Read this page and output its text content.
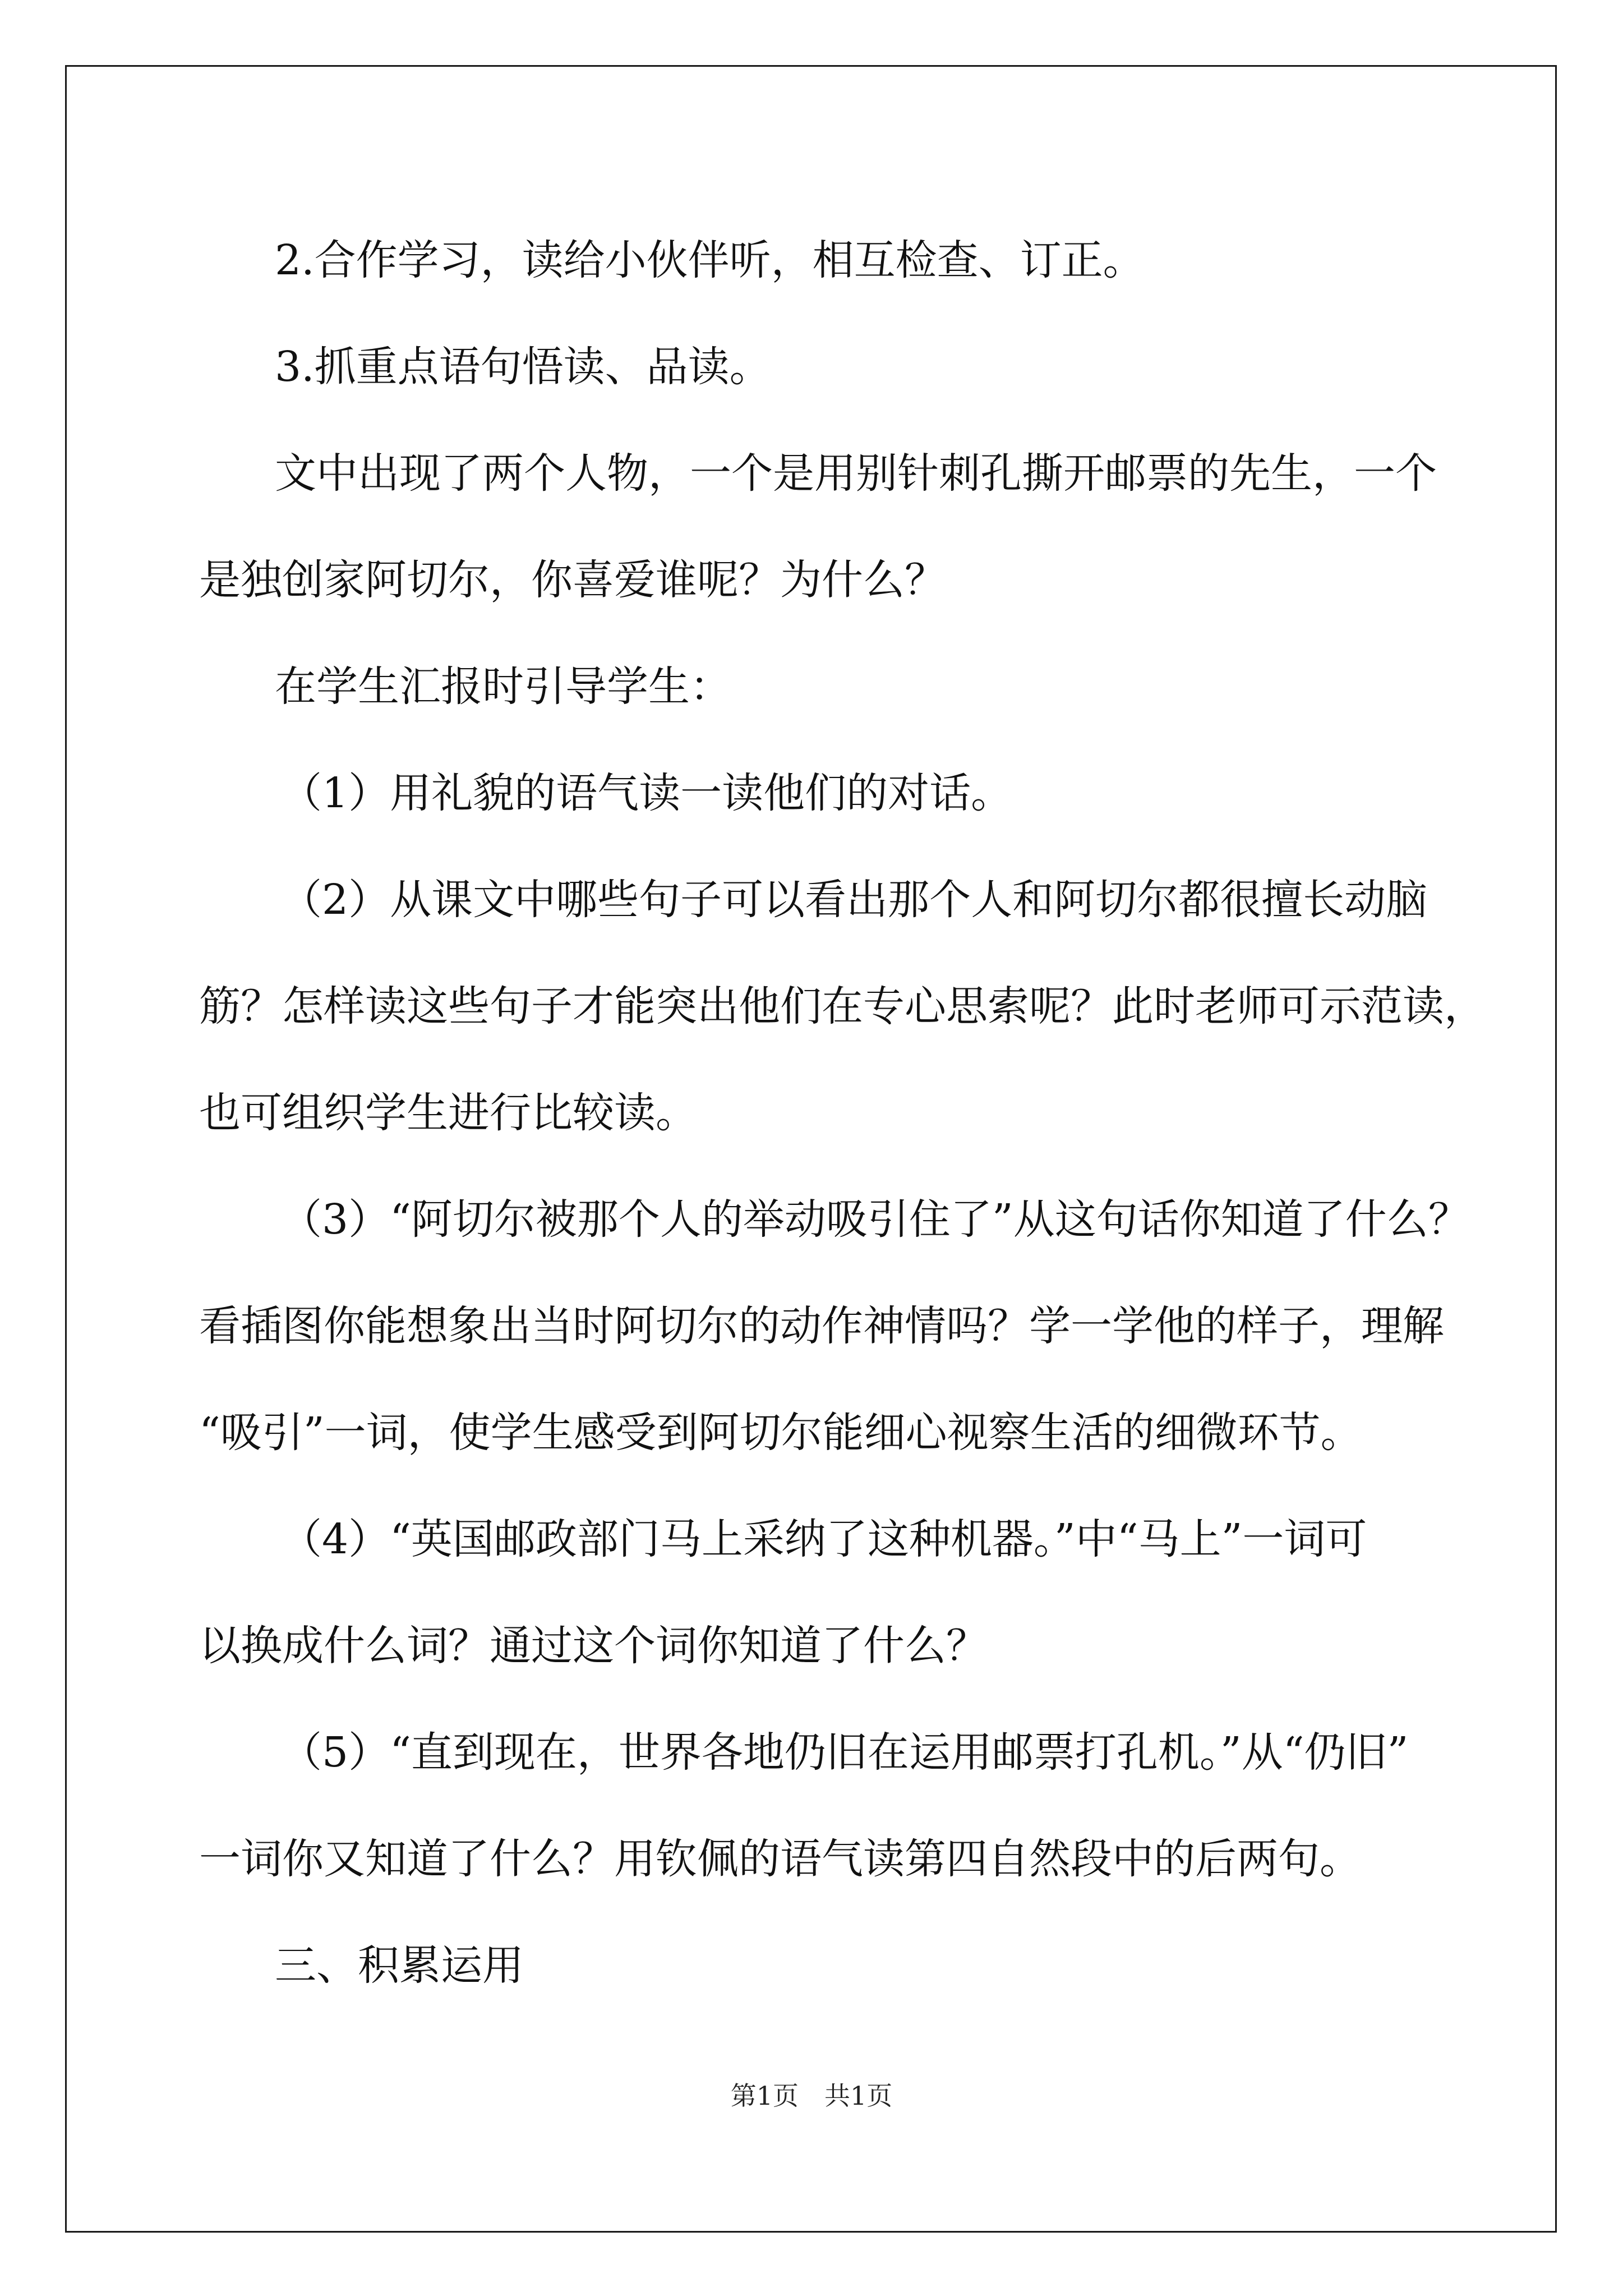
2.合作学习，读给小伙伴听，相互检查、订正。
3.抓重点语句悟读、品读。
文中出现了两个人物，一个是用别针刺孔撕开邮票的先生，一个
是独创家阿切尔，你喜爱谁呢？为什么？
在学生汇报时引导学生：
（1）用礼貌的语气读一读他们的对话。
（2）从课文中哪些句子可以看出那个人和阿切尔都很擅长动脑
筋？怎样读这些句子才能突出他们在专心思索呢？此时老师可示范读，
也可组织学生进行比较读。
（3）“阿切尔被那个人的举动吸引住了”从这句话你知道了什么？
看插图你能想象出当时阿切尔的动作神情吗？学一学他的样子，理解
“吸引”一词，使学生感受到阿切尔能细心视察生活的细微环节。
（4）“英国邮政部门马上采纳了这种机器。”中“马上”一词可
以换成什么词？通过这个词你知道了什么？
（5）“直到现在，世界各地仍旧在运用邮票打孔机。”从“仍旧”
一词你又知道了什么？用钦佩的语气读第四自然段中的后两句。
三、积累运用
第1页　共1页
